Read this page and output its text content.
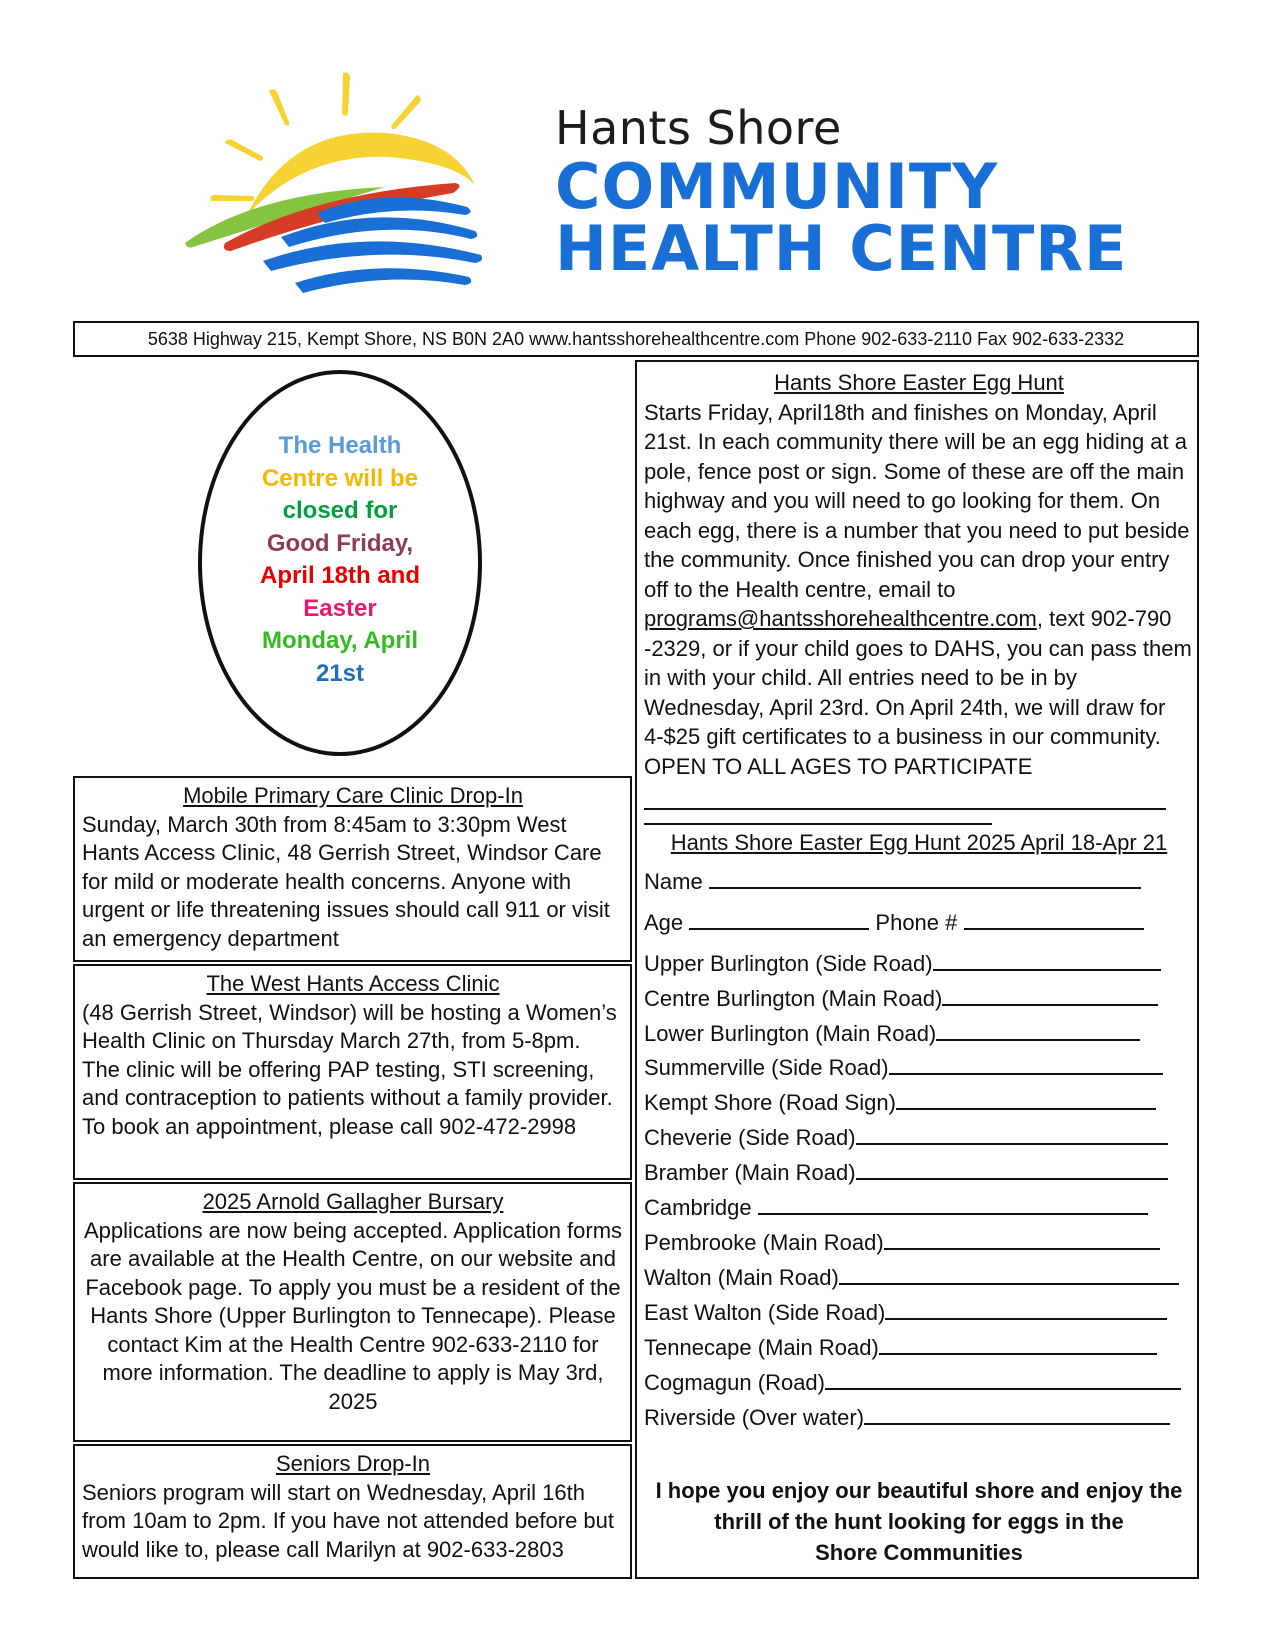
Hants Shore
COMMUNITY
HEALTH CENTRE
5638 Highway 215, Kempt Shore, NS B0N 2A0 www.hantsshorehealthcentre.com Phone 902-633-2110 Fax 902-633-2332
The Health
Centre will be
closed for
Good Friday,
April 18th and
Easter
Monday, April
21st
Mobile Primary Care Clinic Drop-In
Sunday, March 30th from 8:45am to 3:30pm West Hants Access Clinic, 48 Gerrish Street, Windsor Care for mild or moderate health concerns. Anyone with urgent or life threatening issues should call 911 or visit an emergency department
The West Hants Access Clinic
(48 Gerrish Street, Windsor) will be hosting a Women’s Health Clinic on Thursday March 27th, from 5-8pm. The clinic will be offering PAP testing, STI screening, and contraception to patients without a family provider. To book an appointment, please call 902-472-2998
2025 Arnold Gallagher Bursary
Applications are now being accepted. Application forms are available at the Health Centre, on our website and Facebook page. To apply you must be a resident of the Hants Shore (Upper Burlington to Tennecape). Please contact Kim at the Health Centre 902-633-2110 for more information. The deadline to apply is May 3rd, 2025
Seniors Drop-In
Seniors program will start on Wednesday, April 16th from 10am to 2pm. If you have not attended before but would like to, please call Marilyn at 902-633-2803
Hants Shore Easter Egg Hunt
Starts Friday, April18th and finishes on Monday, April 21st. In each community there will be an egg hiding at a pole, fence post or sign. Some of these are off the main highway and you will need to go looking for them. On each egg, there is a number that you need to put beside the community. Once finished you can drop your entry off to the Health centre, email to programs@hantsshorehealthcentre.com, text 902-790 -2329, or if your child goes to DAHS, you can pass them in with your child. All entries need to be in by Wednesday, April 23rd. On April 24th, we will draw for 4-$25 gift certificates to a business in our community. OPEN TO ALL AGES TO PARTICIPATE
Hants Shore Easter Egg Hunt 2025 April 18-Apr 21
Name
Age	Phone #
Upper Burlington (Side Road)
Centre Burlington (Main Road)
Lower Burlington (Main Road)
Summerville (Side Road)
Kempt Shore (Road Sign)
Cheverie (Side Road)
Bramber (Main Road)
Cambridge
Pembrooke (Main Road)
Walton (Main Road)
East Walton (Side Road)
Tennecape (Main Road)
Cogmagun (Road)
Riverside (Over water)
I hope you enjoy our beautiful shore and enjoy the
thrill of the hunt looking for eggs in the
Shore Communities
